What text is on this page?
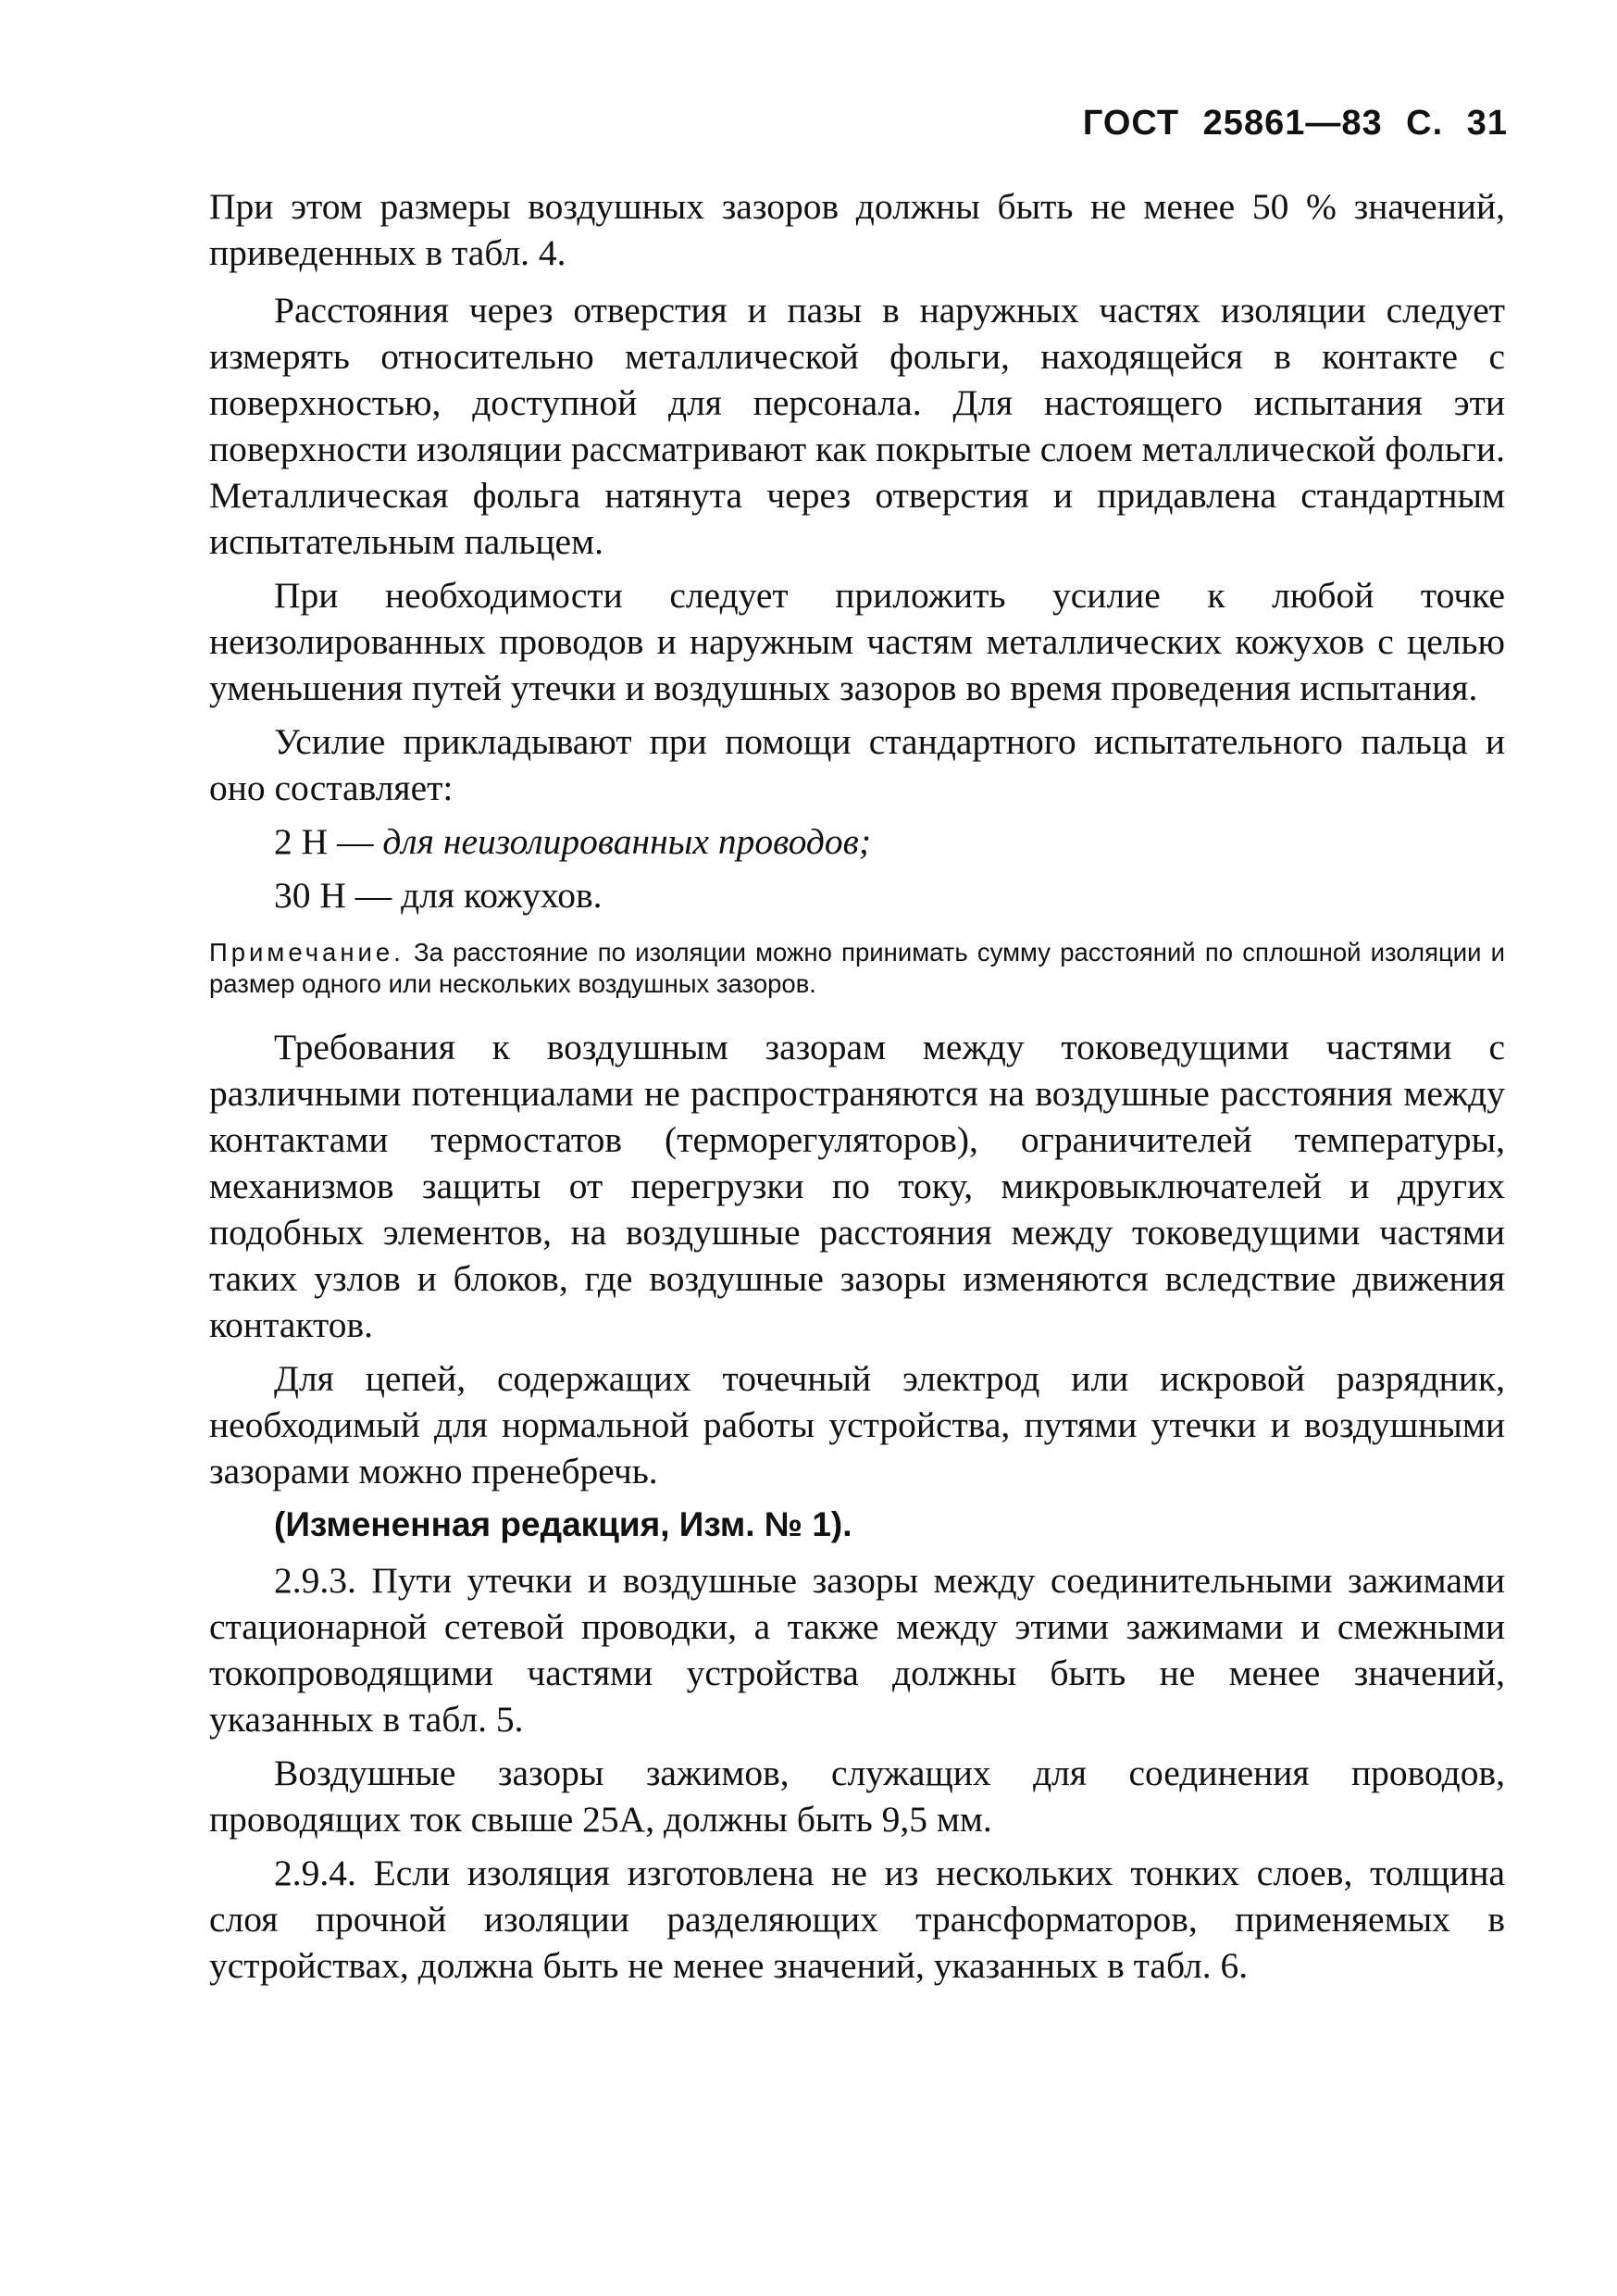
ГОСТ 25861—83 С. 31

При этом размеры воздушных зазоров должны быть не менее 50 % значений, приведенных в табл. 4.

Расстояния через отверстия и пазы в наружных частях изоляции следует измерять относительно металлической фольги, находящейся в контакте с поверхностью, доступной для персонала. Для настоящего испытания эти поверхности изоляции рассматривают как покрытые слоем металлической фольги. Металлическая фольга натянута через отверстия и придавлена стандартным испытательным пальцем.

При необходимости следует приложить усилие к любой точке неизолированных проводов и наружным частям металлических кожухов с целью уменьшения путей утечки и воздушных зазоров во время проведения испытания.

Усилие прикладывают при помощи стандартного испытательного пальца и оно составляет:

2 Н — для неизолированных проводов;

30 Н — для кожухов.

Примечание. За расстояние по изоляции можно принимать сумму расстояний по сплошной изоляции и размер одного или нескольких воздушных зазоров.

Требования к воздушным зазорам между токоведущими частями с различными потенциалами не распространяются на воздушные расстояния между контактами термостатов (терморегуляторов), ограничителей температуры, механизмов защиты от перегрузки по току, микровыключателей и других подобных элементов, на воздушные расстояния между токоведущими частями таких узлов и блоков, где воздушные зазоры изменяются вследствие движения контактов.

Для цепей, содержащих точечный электрод или искровой разрядник, необходимый для нормальной работы устройства, путями утечки и воздушными зазорами можно пренебречь.

(Измененная редакция, Изм. № 1).

2.9.3. Пути утечки и воздушные зазоры между соединительными зажимами стационарной сетевой проводки, а также между этими зажимами и смежными токопроводящими частями устройства должны быть не менее значений, указанных в табл. 5.

Воздушные зазоры зажимов, служащих для соединения проводов, проводящих ток свыше 25А, должны быть 9,5 мм.

2.9.4. Если изоляция изготовлена не из нескольких тонких слоев, толщина слоя прочной изоляции разделяющих трансформаторов, применяемых в устройствах, должна быть не менее значений, указанных в табл. 6.
